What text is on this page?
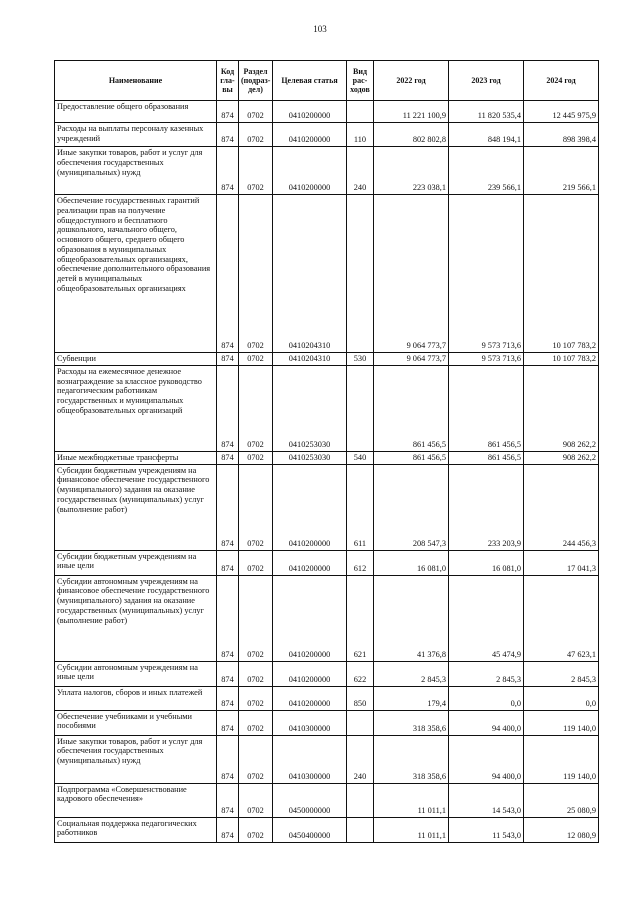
103
Наименование	Код гла- вы	Раздел (подраз- дел)	Целевая статья	Вид рас- ходов	2022 год	2023 год	2024 год
Предоставление общего образования	874	0702	0410200000		11 221 100,9	11 820 535,4	12 445 975,9
Расходы на выплаты персоналу казенных учреждений	874	0702	0410200000	110	802 802,8	848 194,1	898 398,4
Иные закупки товаров, работ и услуг для обеспечения государственных (муниципальных) нужд	874	0702	0410200000	240	223 038,1	239 566,1	219 566,1
Обеспечение государственных гарантий реализации прав на получение общедоступного и бесплатного дошкольного, начального общего, основного общего, среднего общего образования в муниципальных общеобразовательных организациях, обеспечение дополнительного образования детей в муниципальных общеобразовательных организациях	874	0702	0410204310		9 064 773,7	9 573 713,6	10 107 783,2
Субвенции	874	0702	0410204310	530	9 064 773,7	9 573 713,6	10 107 783,2
Расходы на ежемесячное денежное вознаграждение за классное руководство педагогическим работникам государственных и муниципальных общеобразовательных организаций	874	0702	0410253030		861 456,5	861 456,5	908 262,2
Иные межбюджетные трансферты	874	0702	0410253030	540	861 456,5	861 456,5	908 262,2
Субсидии бюджетным учреждениям на финансовое обеспечение государственного (муниципального) задания на оказание государственных (муниципальных) услуг (выполнение работ)	874	0702	0410200000	611	208 547,3	233 203,9	244 456,3
Субсидии бюджетным учреждениям на иные цели	874	0702	0410200000	612	16 081,0	16 081,0	17 041,3
Субсидии автономным учреждениям на финансовое обеспечение государственного (муниципального) задания на оказание государственных (муниципальных) услуг (выполнение работ)	874	0702	0410200000	621	41 376,8	45 474,9	47 623,1
Субсидии автономным учреждениям на иные цели	874	0702	0410200000	622	2 845,3	2 845,3	2 845,3
Уплата налогов, сборов и иных платежей	874	0702	0410200000	850	179,4	0,0	0,0
Обеспечение учебниками и учебными пособиями	874	0702	0410300000		318 358,6	94 400,0	119 140,0
Иные закупки товаров, работ и услуг для обеспечения государственных (муниципальных) нужд	874	0702	0410300000	240	318 358,6	94 400,0	119 140,0
Подпрограмма «Совершенствование кадрового обеспечения»	874	0702	0450000000		11 011,1	14 543,0	25 080,9
Социальная поддержка педагогических работников	874	0702	0450400000		11 011,1	11 543,0	12 080,9
